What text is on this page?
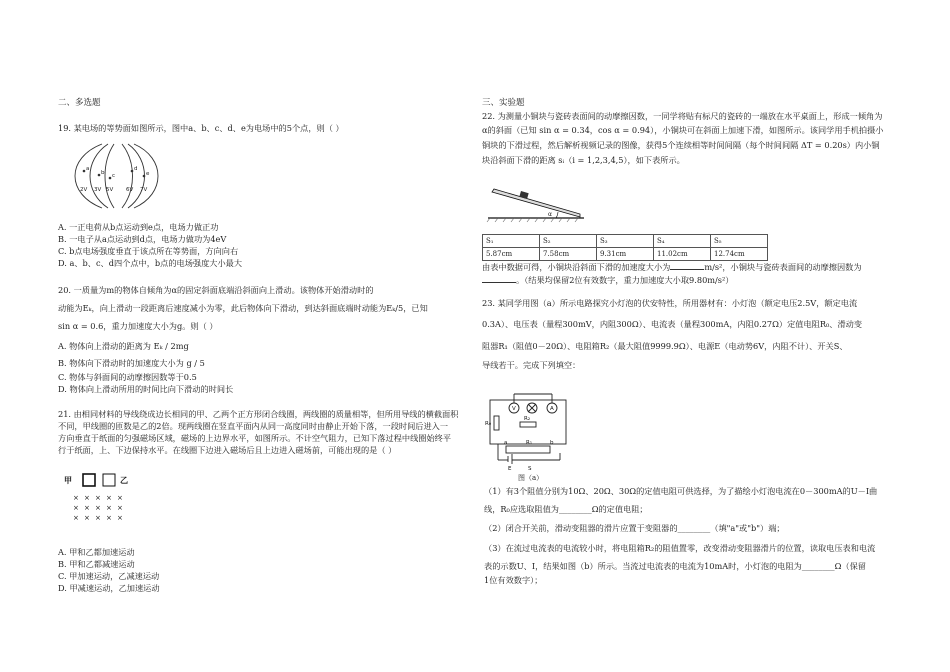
二、多选题
19. 某电场的等势面如图所示，图中a、b、c、d、e为电场中的5个点，则（ ）
a
b c
d
e
2V 3V 5V 6V 7V
A. 一正电荷从b点运动到e点，电场力做正功
B. 一电子从a点运动到d点，电场力做功为4eV
C. b点电场强度垂直于该点所在等势面，方向向右
D. a、b、c、d四个点中，b点的电场强度大小最大
20. 一质量为m的物体自倾角为α的固定斜面底端沿斜面向上滑动。该物体开始滑动时的
动能为Eₖ，向上滑动一段距离后速度减小为零，此后物体向下滑动，到达斜面底端时动能为Eₖ/5，已知
sin α = 0.6，重力加速度大小为g。则（ ）
A. 物体向上滑动的距离为 Eₖ / 2mg
B. 物体向下滑动时的加速度大小为 g / 5
C. 物体与斜面间的动摩擦因数等于0.5
D. 物体向上滑动所用的时间比向下滑动的时间长
21. 由相同材料的导线绕成边长相同的甲、乙两个正方形闭合线圈，两线圈的质量相等，但所用导线的横截面积
不同，甲线圈的匝数是乙的2倍。现两线圈在竖直平面内从同一高度同时由静止开始下落，一段时间后进入一
方向垂直于纸面的匀强磁场区域，磁场的上边界水平，如图所示。不计空气阻力，已知下落过程中线圈始终平
行于纸面，上、下边保持水平。在线圈下边进入磁场后且上边进入磁场前，可能出现的是（ ）
甲	乙
× × × × ×
× × × × ×
× × × × ×
A. 甲和乙都加速运动
B. 甲和乙都减速运动
C. 甲加速运动，乙减速运动
D. 甲减速运动，乙加速运动
三、实验题
22. 为测量小铜块与瓷砖表面间的动摩擦因数，一同学将贴有标尺的瓷砖的一端放在水平桌面上，形成一倾角为
α的斜面（已知 sin α = 0.34，cos α = 0.94），小铜块可在斜面上加速下滑，如图所示。该同学用手机拍摄小
铜块的下滑过程，然后解析视频记录的图像，获得5个连续相等时间间隔（每个时间间隔 ΔT = 0.20s）内小铜
块沿斜面下滑的距离 sᵢ（i = 1,2,3,4,5），如下表所示。
α
S₁	S₂	S₃	S₄	S₅
5.87cm	7.58cm	9.31cm	11.02cm	12.74cm
由表中数据可得，小铜块沿斜面下滑的加速度大小为	m/s²，小铜块与瓷砖表面间的动摩擦因数为
。（结果均保留2位有效数字，重力加速度大小取9.80m/s²）
23. 某同学用图（a）所示电路探究小灯泡的伏安特性，所用器材有：小灯泡（额定电压2.5V，额定电流
0.3A）、电压表（量程300mV，内阻300Ω）、电流表（量程300mA，内阻0.27Ω）定值电阻R₀、滑动变
阻器R₁（阻值0－20Ω）、电阻箱R₂（最大阻值9999.9Ω）、电源E（电动势6V，内阻不计）、开关S、
导线若干。完成下列填空：
V	A
R₀
R₂
a	R₁	b
E	S
图（a）
（1）有3个阻值分别为10Ω、20Ω、30Ω的定值电阻可供选择，为了描绘小灯泡电流在0－300mA的U－I曲
线，R₀应选取阻值为________Ω的定值电阻；
（2）闭合开关前，滑动变阻器的滑片应置于变阻器的________（填"a"或"b"）端；
（3）在流过电流表的电流较小时，将电阻箱R₂的阻值置零，改变滑动变阻器滑片的位置，读取电压表和电流
表的示数U、I，结果如图（b）所示。当流过电流表的电流为10mA时，小灯泡的电阻为________Ω（保留
1位有效数字）；
